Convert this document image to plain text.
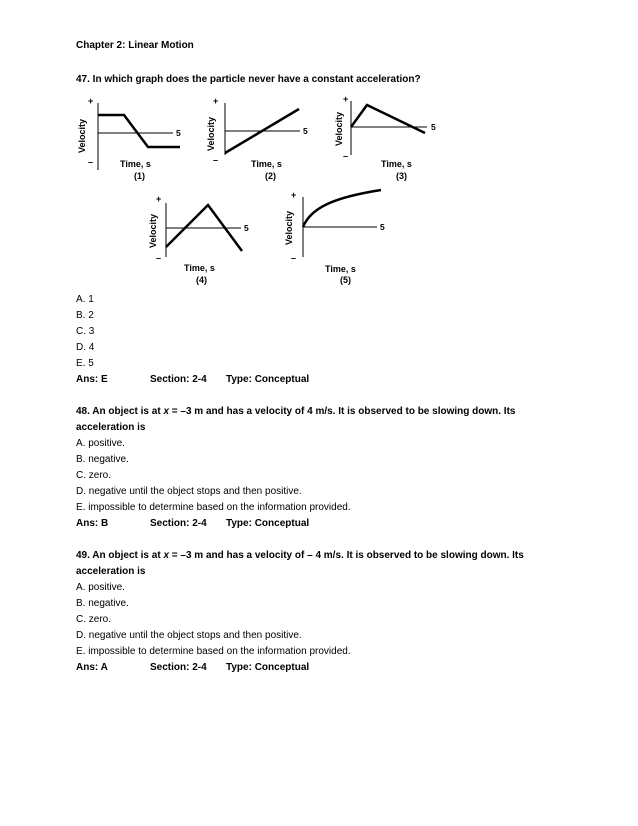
Chapter 2: Linear Motion
47. In which graph does the particle never have a constant acceleration?
+
–
Velocity	5
Time, s
(1)
+
–
Velocity	5
Time, s
(2)
+
–
Velocity	5
Time, s
(3)
+
–
Velocity	5
Time, s
(4)
+
–
Velocity	5
Time, s
(5)
A. 1
B. 2
C. 3
D. 4
E. 5
Ans: E	Section: 2-4 Type: Conceptual
48. An object is at x = –3 m and has a velocity of 4 m/s. It is observed to be slowing down. Its
acceleration is
A. positive.
B. negative.
C. zero.
D. negative until the object stops and then positive.
E. impossible to determine based on the information provided.
Ans: B	Section: 2-4 Type: Conceptual
49. An object is at x = –3 m and has a velocity of – 4 m/s. It is observed to be slowing down. Its
acceleration is
A. positive.
B. negative.
C. zero.
D. negative until the object stops and then positive.
E. impossible to determine based on the information provided.
Ans: A	Section: 2-4 Type: Conceptual
